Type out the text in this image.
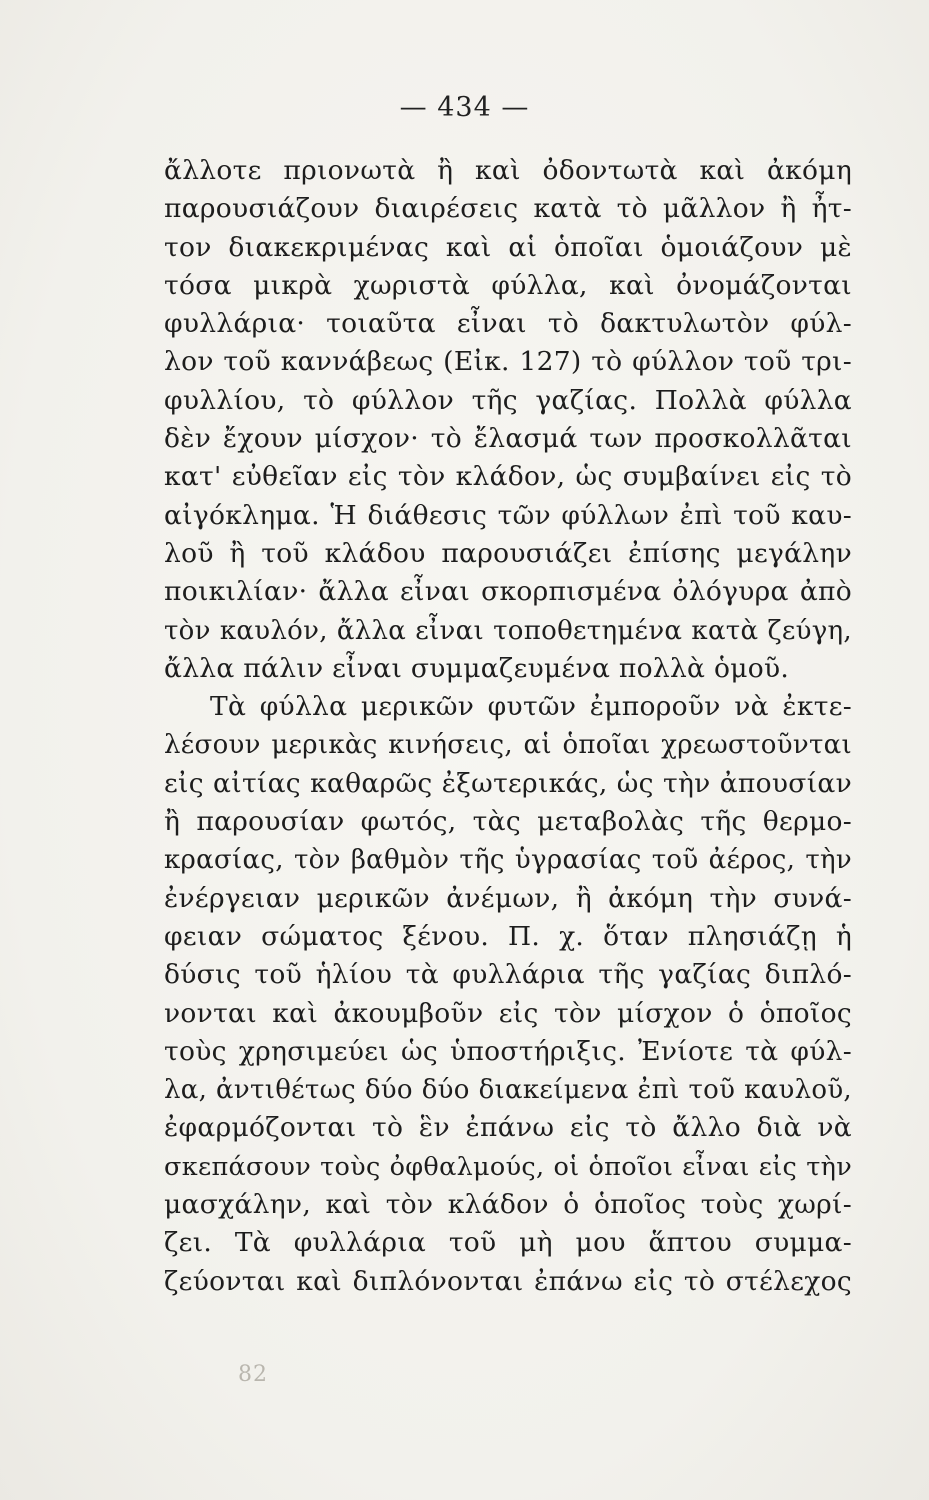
— 434 —
ἄλλοτε πριονωτὰ ἢ καὶ ὀδοντωτὰ καὶ ἀκόμη
παρουσιάζουν διαιρέσεις κατὰ τὸ μᾶλλον ἢ ἦτ-
τον διακεκριμένας καὶ αἱ ὁποῖαι ὁμοιάζουν μὲ
τόσα μικρὰ χωριστὰ φύλλα, καὶ ὀνομάζονται
φυλλάρια· τοιαῦτα εἶναι τὸ δακτυλωτὸν φύλ-
λον τοῦ καννάβεως (Εἰκ. 127) τὸ φύλλον τοῦ τρι-
φυλλίου, τὸ φύλλον τῆς γαζίας. Πολλὰ φύλλα
δὲν ἔχουν μίσχον· τὸ ἔλασμά των προσκολλᾶται
κατ' εὐθεῖαν εἰς τὸν κλάδον, ὡς συμβαίνει εἰς τὸ
αἰγόκλημα. Ἡ διάθεσις τῶν φύλλων ἐπὶ τοῦ καυ-
λοῦ ἢ τοῦ κλάδου παρουσιάζει ἐπίσης μεγάλην
ποικιλίαν· ἄλλα εἶναι σκορπισμένα ὀλόγυρα ἀπὸ
τὸν καυλόν, ἄλλα εἶναι τοποθετημένα κατὰ ζεύγη,
ἄλλα πάλιν εἶναι συμμαζευμένα πολλὰ ὁμοῦ.
Τὰ φύλλα μερικῶν φυτῶν ἐμποροῦν νὰ ἐκτε-
λέσουν μερικὰς κινήσεις, αἱ ὁποῖαι χρεωστοῦνται
εἰς αἰτίας καθαρῶς ἐξωτερικάς, ὡς τὴν ἀπουσίαν
ἢ παρουσίαν φωτός, τὰς μεταβολὰς τῆς θερμο-
κρασίας, τὸν βαθμὸν τῆς ὑγρασίας τοῦ ἀέρος, τὴν
ἐνέργειαν μερικῶν ἀνέμων, ἢ ἀκόμη τὴν συνά-
φειαν σώματος ξένου. Π. χ. ὅταν πλησιάζῃ ἡ
δύσις τοῦ ἡλίου τὰ φυλλάρια τῆς γαζίας διπλό-
νονται καὶ ἀκουμβοῦν εἰς τὸν μίσχον ὁ ὁποῖος
τοὺς χρησιμεύει ὡς ὑποστήριξις. Ἐνίοτε τὰ φύλ-
λα, ἀντιθέτως δύο δύο διακείμενα ἐπὶ τοῦ καυλοῦ,
ἐφαρμόζονται τὸ ἓν ἐπάνω εἰς τὸ ἄλλο διὰ νὰ
σκεπάσουν τοὺς ὀφθαλμούς, οἱ ὁποῖοι εἶναι εἰς τὴν
μασχάλην, καὶ τὸν κλάδον ὁ ὁποῖος τοὺς χωρί-
ζει. Τὰ φυλλάρια τοῦ μὴ μου ἅπτου συμμα-
ζεύονται καὶ διπλόνονται ἐπάνω εἰς τὸ στέλεχος
82
